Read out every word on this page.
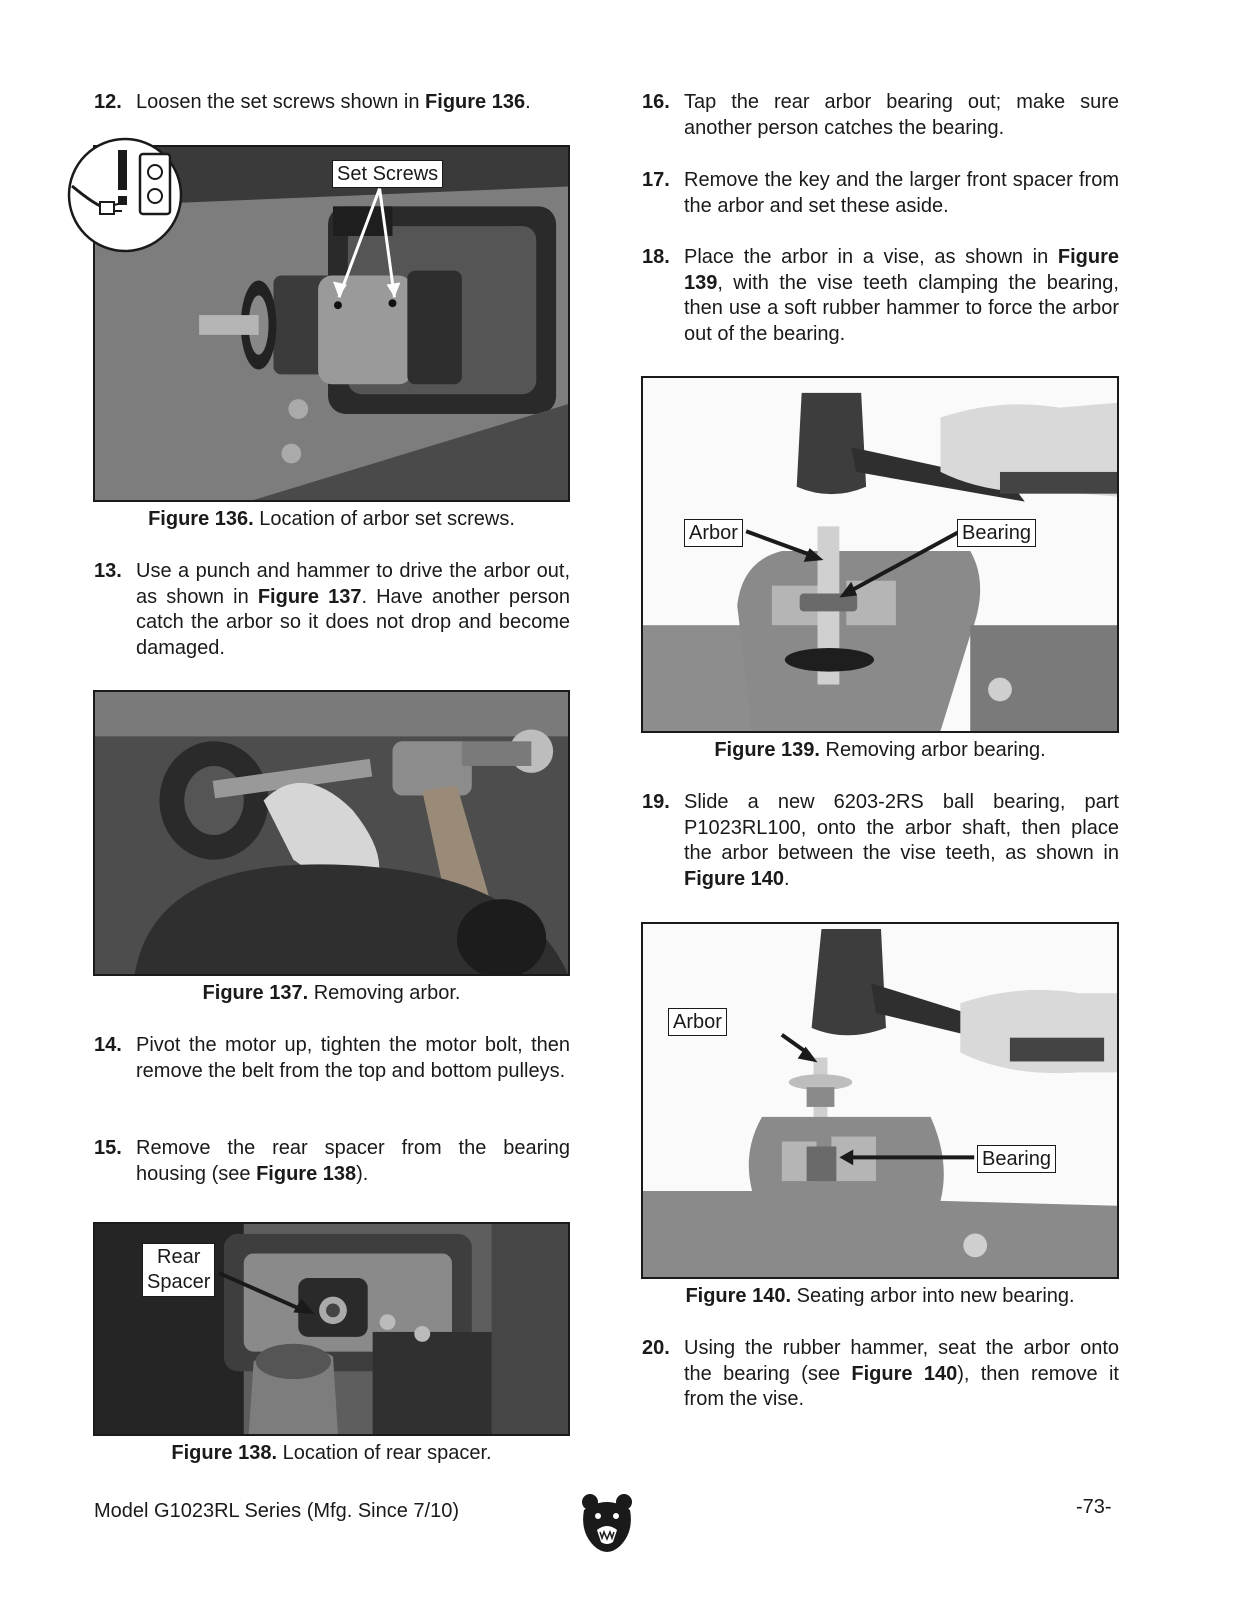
12. Loosen the set screws shown in Figure 136.
Set Screws
Figure 136. Location of arbor set screws.
13. Use a punch and hammer to drive the arbor out, as shown in Figure 137. Have another person catch the arbor so it does not drop and become damaged.
Figure 137. Removing arbor.
14. Pivot the motor up, tighten the motor bolt, then remove the belt from the top and bottom pulleys.
15. Remove the rear spacer from the bearing housing (see Figure 138).
Rear
Spacer
Figure 138. Location of rear spacer.
16. Tap the rear arbor bearing out; make sure another person catches the bearing.
17. Remove the key and the larger front spacer from the arbor and set these aside.
18. Place the arbor in a vise, as shown in Figure 139, with the vise teeth clamping the bearing, then use a soft rubber hammer to force the arbor out of the bearing.
Arbor	Bearing
Figure 139. Removing arbor bearing.
19. Slide a new 6203-2RS ball bearing, part P1023RL100, onto the arbor shaft, then place the arbor between the vise teeth, as shown in Figure 140.
Arbor
Bearing
Figure 140. Seating arbor into new bearing.
20. Using the rubber hammer, seat the arbor onto the bearing (see Figure 140), then remove it from the vise.
Model G1023RL Series (Mfg. Since 7/10)	-73-
